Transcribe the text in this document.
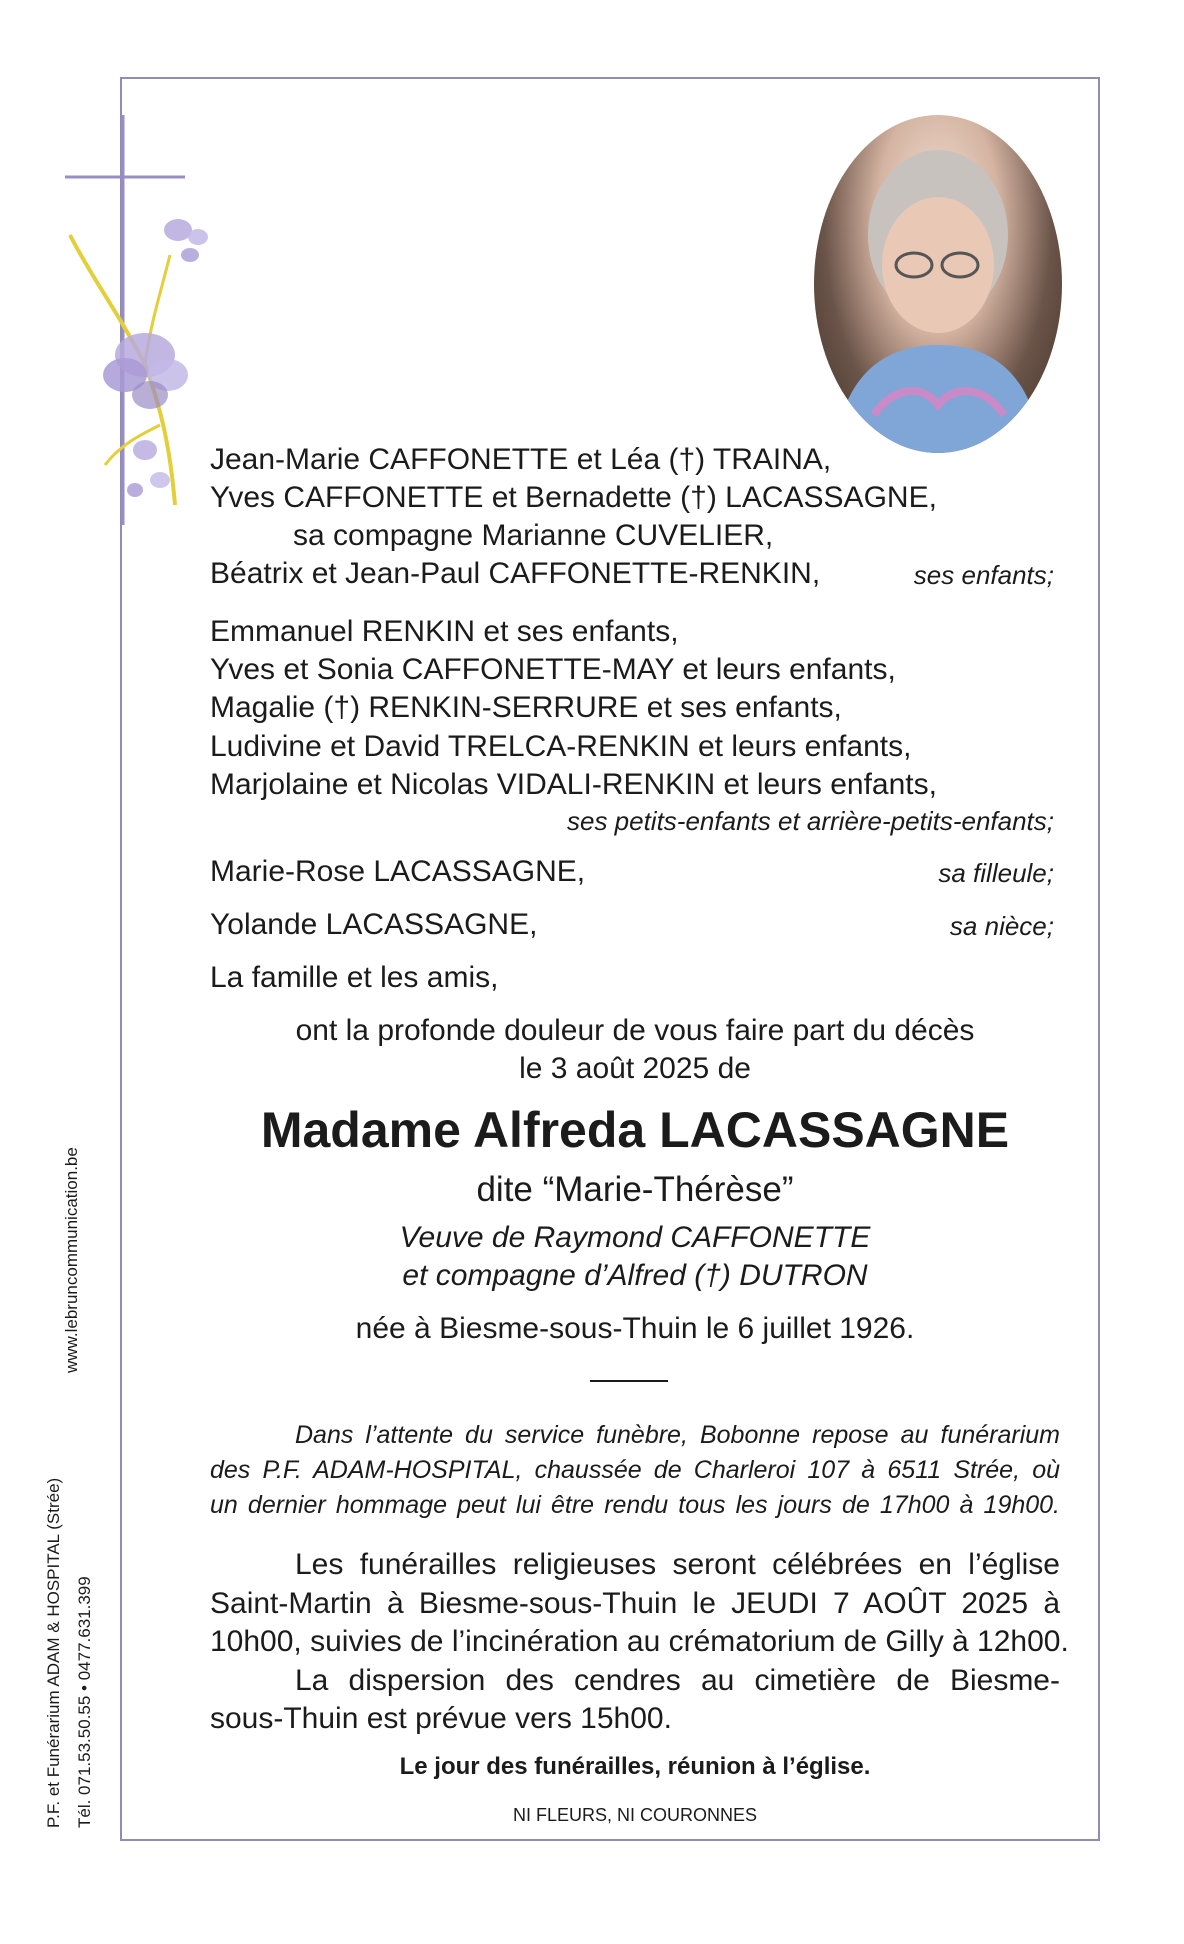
www.lebruncommunication.be
P.F. et Funérarium ADAM & HOSPITAL (Strée) Tél. 071.53.50.55 • 0477.631.399
Jean-Marie CAFFONETTE et Léa (†) TRAINA,
Yves CAFFONETTE et Bernadette (†) LACASSAGNE,
sa compagne Marianne CUVELIER,
Béatrix et Jean-Paul CAFFONETTE-RENKIN,	ses enfants;
Emmanuel RENKIN et ses enfants,
Yves et Sonia CAFFONETTE-MAY et leurs enfants,
Magalie (†) RENKIN-SERRURE et ses enfants,
Ludivine et David TRELCA-RENKIN et leurs enfants,
Marjolaine et Nicolas VIDALI-RENKIN et leurs enfants,
ses petits-enfants et arrière-petits-enfants;
Marie-Rose LACASSAGNE,	sa filleule;
Yolande LACASSAGNE,	sa nièce;
La famille et les amis,
ont la profonde douleur de vous faire part du décès
le 3 août 2025 de
Madame Alfreda LACASSAGNE
dite “Marie-Thérèse”
Veuve de Raymond CAFFONETTE
et compagne d’Alfred (†) DUTRON
née à Biesme-sous-Thuin le 6 juillet 1926.
Dans l’attente du service funèbre, Bobonne repose au funérarium
des P.F. ADAM-HOSPITAL, chaussée de Charleroi 107 à 6511 Strée, où
un dernier hommage peut lui être rendu tous les jours de 17h00 à 19h00.
Les funérailles religieuses seront célébrées en l’église
Saint-Martin à Biesme-sous-Thuin le JEUDI 7 AOÛT 2025 à
10h00, suivies de l’incinération au crématorium de Gilly à 12h00.
La dispersion des cendres au cimetière de Biesme-
sous-Thuin est prévue vers 15h00.
Le jour des funérailles, réunion à l’église.
NI FLEURS, NI COURONNES
